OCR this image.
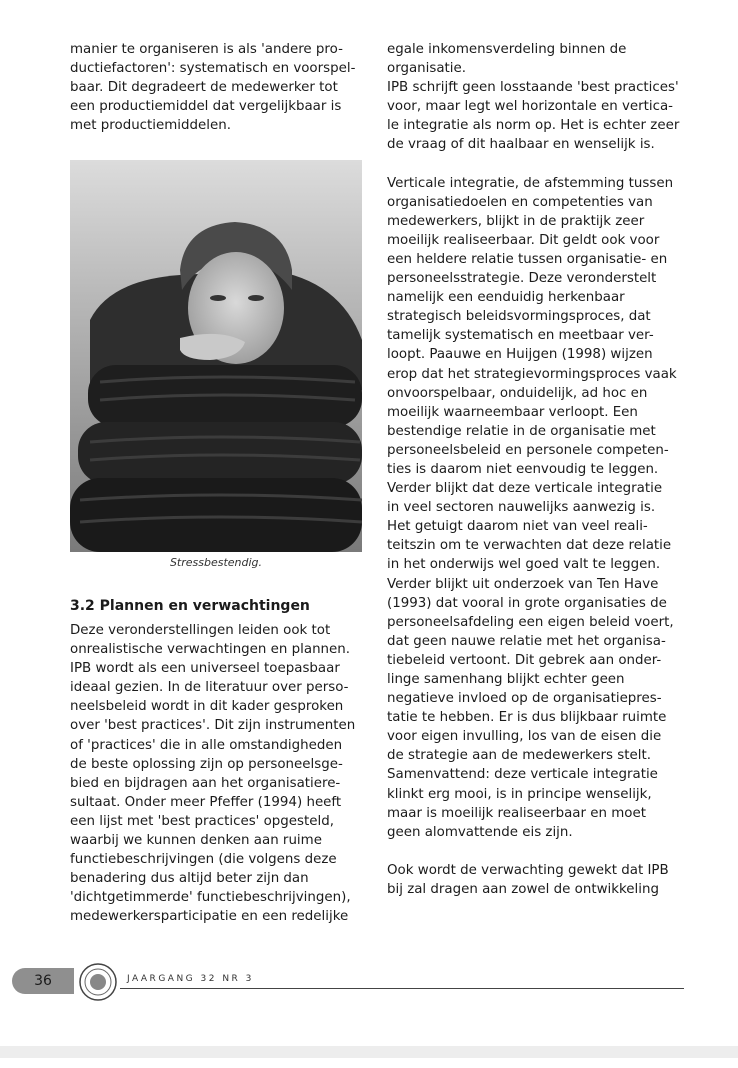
manier te organiseren is als 'andere pro-
ductiefactoren': systematisch en voorspel-
baar. Dit degradeert de medewerker tot
een productiemiddel dat vergelijkbaar is
met productiemiddelen.

Stressbestendig.
3.2 Plannen en verwachtingen

Deze veronderstellingen leiden ook tot
onrealistische verwachtingen en plannen.
IPB wordt als een universeel toepasbaar
ideaal gezien. In de literatuur over perso-
neelsbeleid wordt in dit kader gesproken
over 'best practices'. Dit zijn instrumenten
of 'practices' die in alle omstandigheden
de beste oplossing zijn op personeelsge-
bied en bijdragen aan het organisatiere-
sultaat. Onder meer Pfeffer (1994) heeft
een lijst met 'best practices' opgesteld,
waarbij we kunnen denken aan ruime
functiebeschrijvingen (die volgens deze
benadering dus altijd beter zijn dan
'dichtgetimmerde' functiebeschrijvingen),
medewerkersparticipatie en een redelijke

egale inkomensverdeling binnen de
organisatie.
IPB schrijft geen losstaande 'best practices'
voor, maar legt wel horizontale en vertica-
le integratie als norm op. Het is echter zeer
de vraag of dit haalbaar en wenselijk is.

Verticale integratie, de afstemming tussen
organisatiedoelen en competenties van
medewerkers, blijkt in de praktijk zeer
moeilijk realiseerbaar. Dit geldt ook voor
een heldere relatie tussen organisatie- en
personeelsstrategie. Deze veronderstelt
namelijk een eenduidig herkenbaar
strategisch beleidsvormingsproces, dat
tamelijk systematisch en meetbaar ver-
loopt. Paauwe en Huijgen (1998) wijzen
erop dat het strategievormingsproces vaak
onvoorspelbaar, onduidelijk, ad hoc en
moeilijk waarneembaar verloopt. Een
bestendige relatie in de organisatie met
personeelsbeleid en personele competen-
ties is daarom niet eenvoudig te leggen.
Verder blijkt dat deze verticale integratie
in veel sectoren nauwelijks aanwezig is.
Het getuigt daarom niet van veel reali-
teitszin om te verwachten dat deze relatie
in het onderwijs wel goed valt te leggen.
Verder blijkt uit onderzoek van Ten Have
(1993) dat vooral in grote organisaties de
personeelsafdeling een eigen beleid voert,
dat geen nauwe relatie met het organisa-
tiebeleid vertoont. Dit gebrek aan onder-
linge samenhang blijkt echter geen
negatieve invloed op de organisatiepres-
tatie te hebben. Er is dus blijkbaar ruimte
voor eigen invulling, los van de eisen die
de strategie aan de medewerkers stelt.
Samenvattend: deze verticale integratie
klinkt erg mooi, is in principe wenselijk,
maar is moeilijk realiseerbaar en moet
geen alomvattende eis zijn.

Ook wordt de verwachting gewekt dat IPB
bij zal dragen aan zowel de ontwikkeling

36	JAARGANG 32 NR 3
